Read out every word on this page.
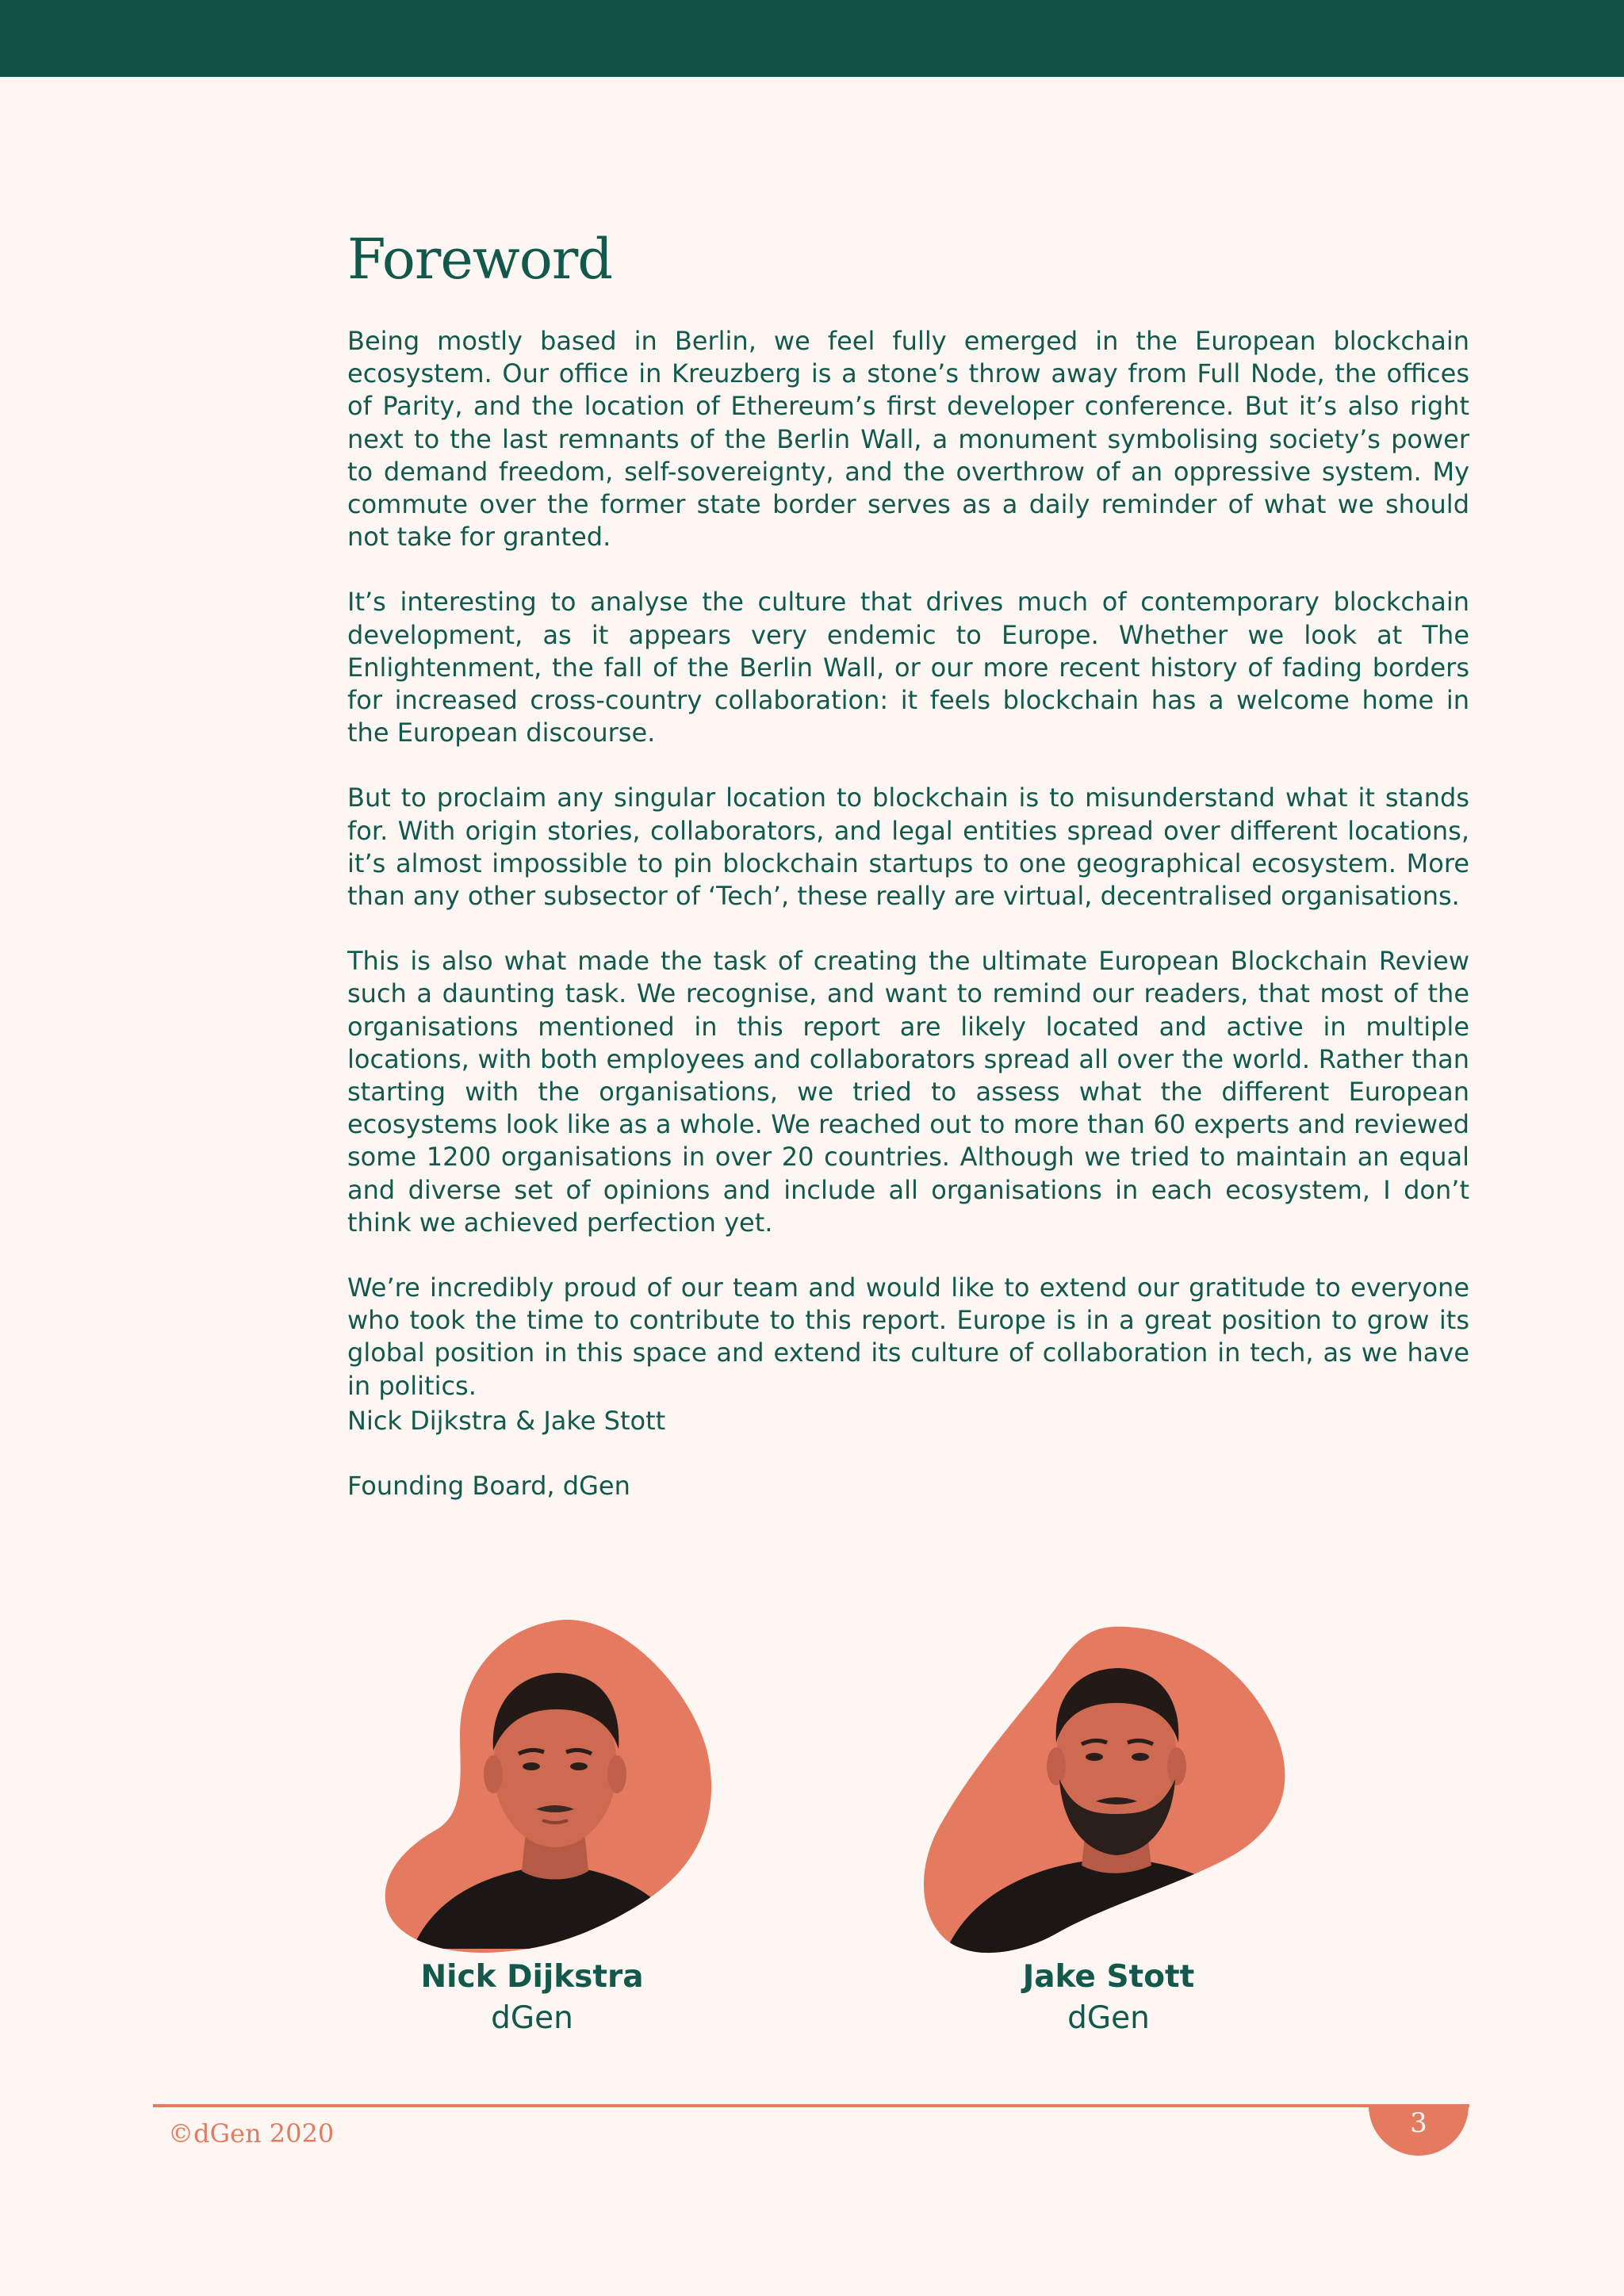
Foreword

Being mostly based in Berlin, we feel fully emerged in the European blockchain ecosystem. Our office in Kreuzberg is a stone’s throw away from Full Node, the offices of Parity, and the location of Ethereum’s first developer conference. But it’s also right next to the last remnants of the Berlin Wall, a monument symbolising society’s power to demand freedom, self-sovereignty, and the overthrow of an oppressive system. My commute over the former state border serves as a daily reminder of what we should not take for granted.

It’s interesting to analyse the culture that drives much of contemporary blockchain development, as it appears very endemic to Europe. Whether we look at The Enlightenment, the fall of the Berlin Wall, or our more recent history of fading borders for increased cross-country collaboration: it feels blockchain has a welcome home in the European discourse.

But to proclaim any singular location to blockchain is to misunderstand what it stands for. With origin stories, collaborators, and legal entities spread over different locations, it’s almost impossible to pin blockchain startups to one geographical ecosystem. More than any other subsector of ‘Tech’, these really are virtual, decentralised organisations.

This is also what made the task of creating the ultimate European Blockchain Review such a daunting task. We recognise, and want to remind our readers, that most of the organisations mentioned in this report are likely located and active in multiple locations, with both employees and collaborators spread all over the world. Rather than starting with the organisations, we tried to assess what the different European ecosystems look like as a whole. We reached out to more than 60 experts and reviewed some 1200 organisations in over 20 countries. Although we tried to maintain an equal and diverse set of opinions and include all organisations in each ecosystem, I don’t think we achieved perfection yet.

We’re incredibly proud of our team and would like to extend our gratitude to everyone who took the time to contribute to this report. Europe is in a great position to grow its global position in this space and extend its culture of collaboration in tech, as we have in politics.

Nick Dijkstra & Jake Stott
Founding Board, dGen
Nick Dijkstra
dGen
Jake Stott
dGen
©dGen 2020	3
